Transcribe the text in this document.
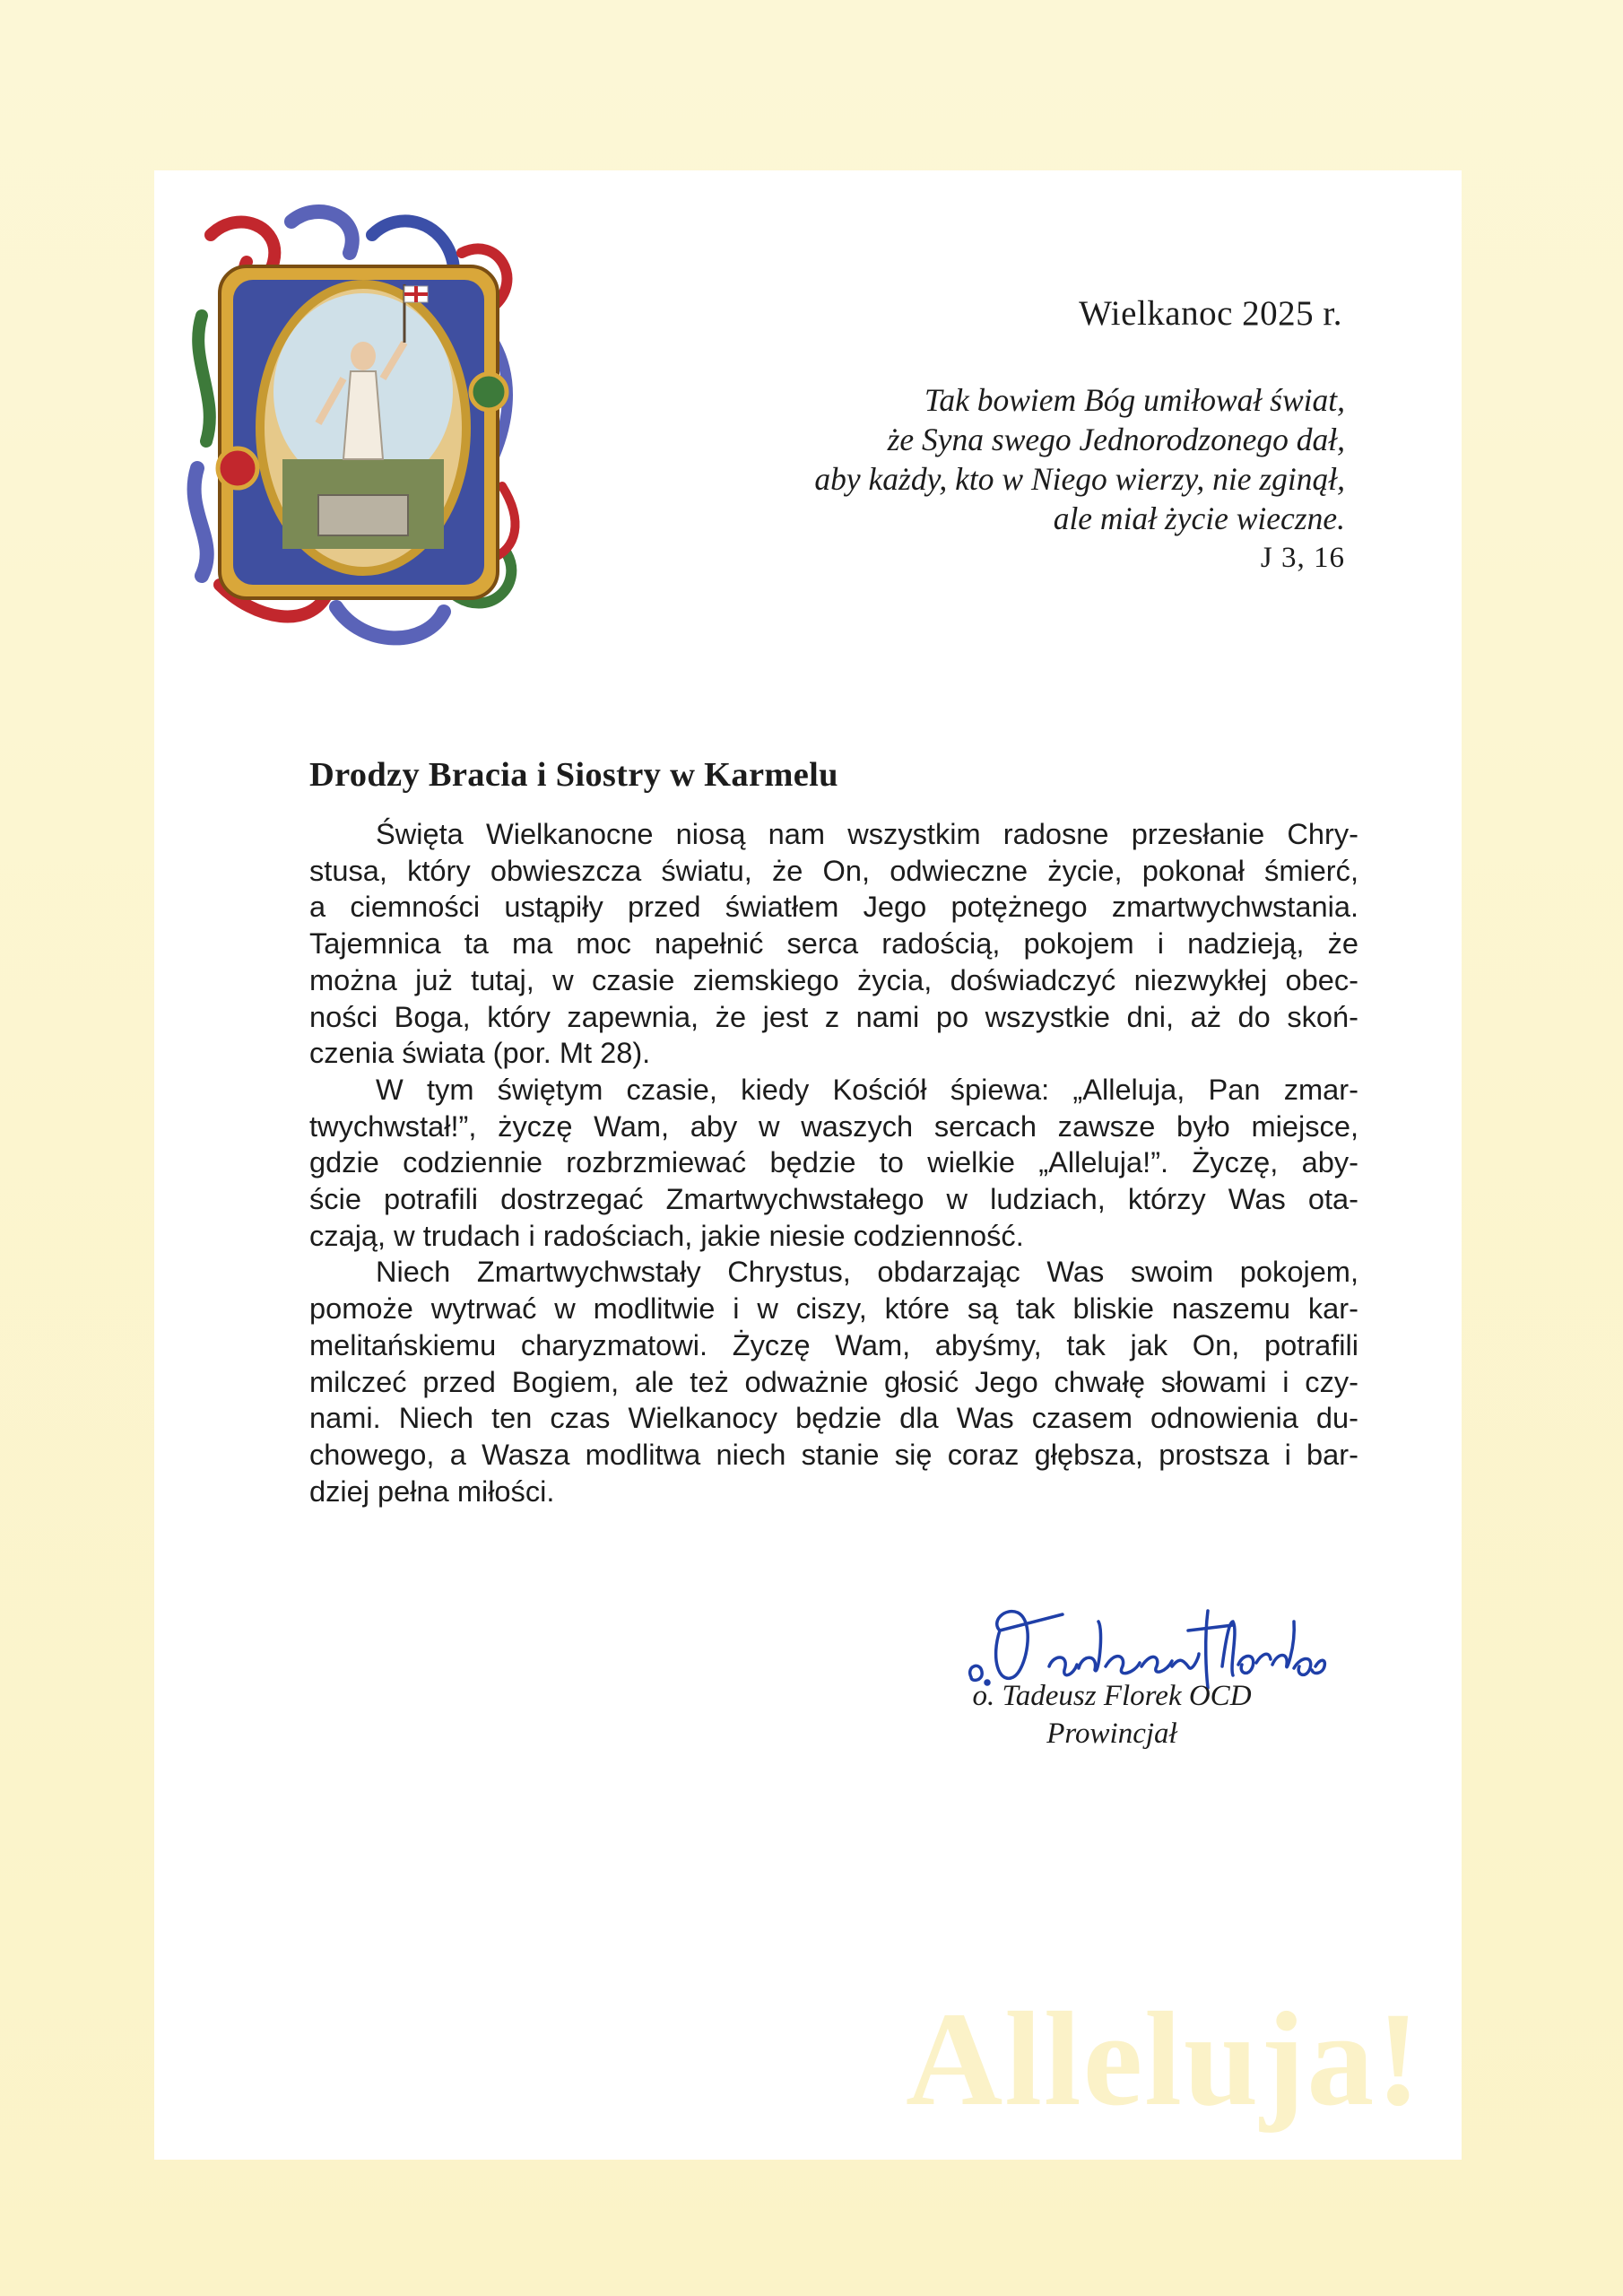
Wielkanoc 2025 r.
Tak bowiem Bóg umiłował świat,
że Syna swego Jednorodzonego dał,
aby każdy, kto w Niego wierzy, nie zginął,
ale miał życie wieczne.
J 3, 16
Drodzy Bracia i Siostry w Karmelu
Święta Wielkanocne niosą nam wszystkim radosne przesłanie Chry-
stusa, który obwieszcza światu, że On, odwieczne życie, pokonał śmierć,
a ciemności ustąpiły przed światłem Jego potężnego zmartwychwstania.
Tajemnica ta ma moc napełnić serca radością, pokojem i nadzieją, że
można już tutaj, w czasie ziemskiego życia, doświadczyć niezwykłej obec-
ności Boga, który zapewnia, że jest z nami po wszystkie dni, aż do skoń-
czenia świata (por. Mt 28).
W tym świętym czasie, kiedy Kościół śpiewa: „Alleluja, Pan zmar-
twychwstał!”, życzę Wam, aby w waszych sercach zawsze było miejsce,
gdzie codziennie rozbrzmiewać będzie to wielkie „Alleluja!”. Życzę, aby-
ście potrafili dostrzegać Zmartwychwstałego w ludziach, którzy Was ota-
czają, w trudach i radościach, jakie niesie codzienność.
Niech Zmartwychwstały Chrystus, obdarzając Was swoim pokojem,
pomoże wytrwać w modlitwie i w ciszy, które są tak bliskie naszemu kar-
melitańskiemu charyzmatowi. Życzę Wam, abyśmy, tak jak On, potrafili
milczeć przed Bogiem, ale też odważnie głosić Jego chwałę słowami i czy-
nami. Niech ten czas Wielkanocy będzie dla Was czasem odnowienia du-
chowego, a Wasza modlitwa niech stanie się coraz głębsza, prostsza i bar-
dziej pełna miłości.
o. Tadeusz Florek OCD
Prowincjał
Alleluja!
